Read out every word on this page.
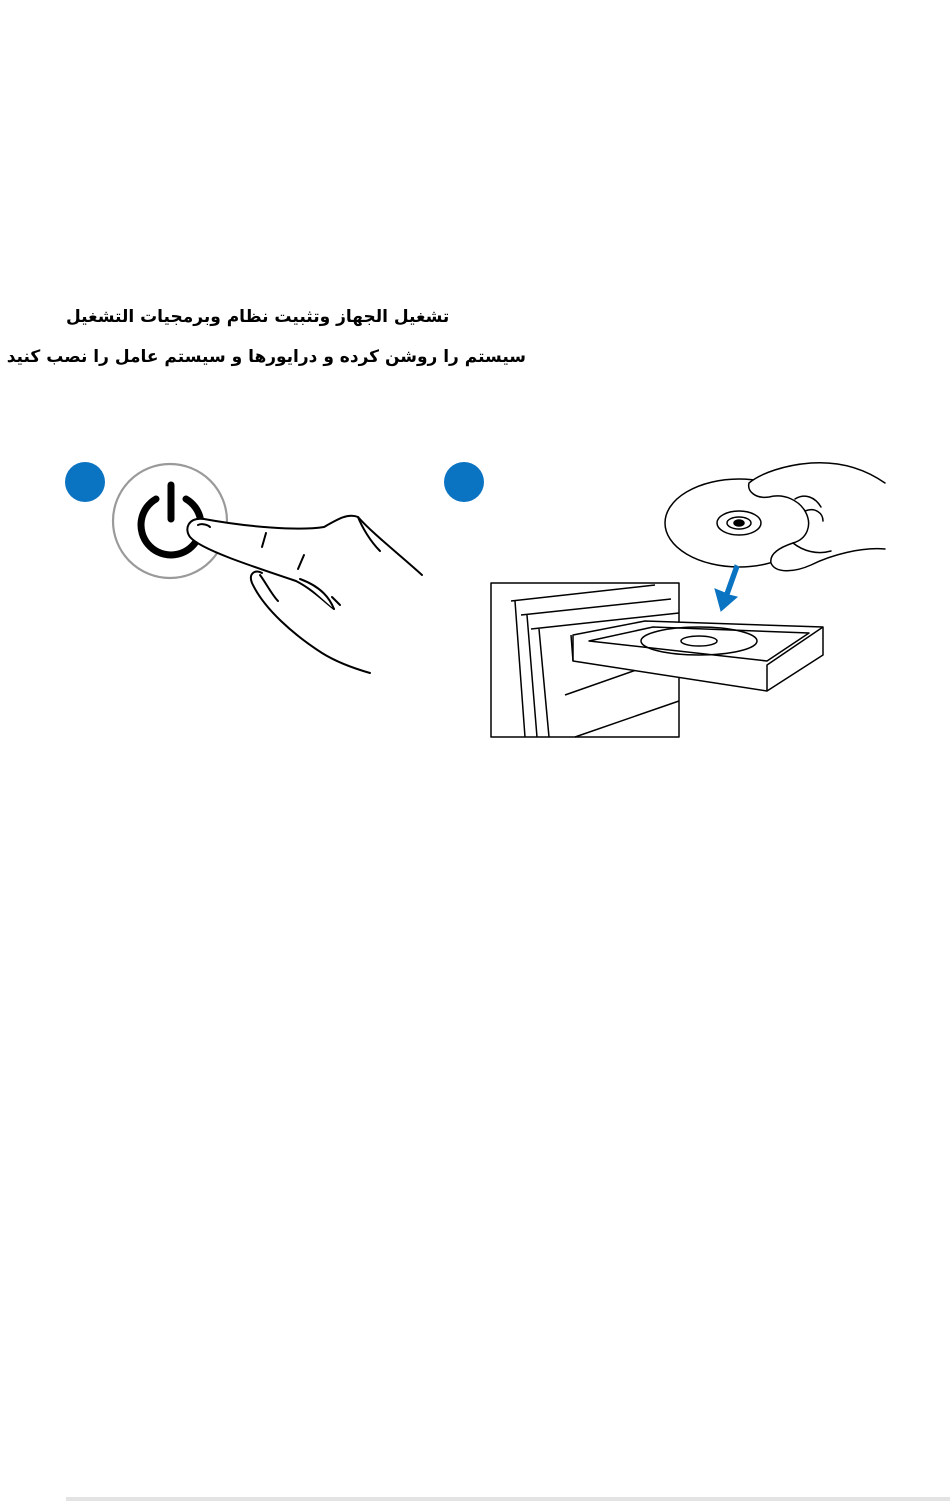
تشغيل الجهاز وتثبيت نظام وبرمجيات التشغيل

سیستم را روشن کرده و درایورها و سیستم عامل را نصب کنید
